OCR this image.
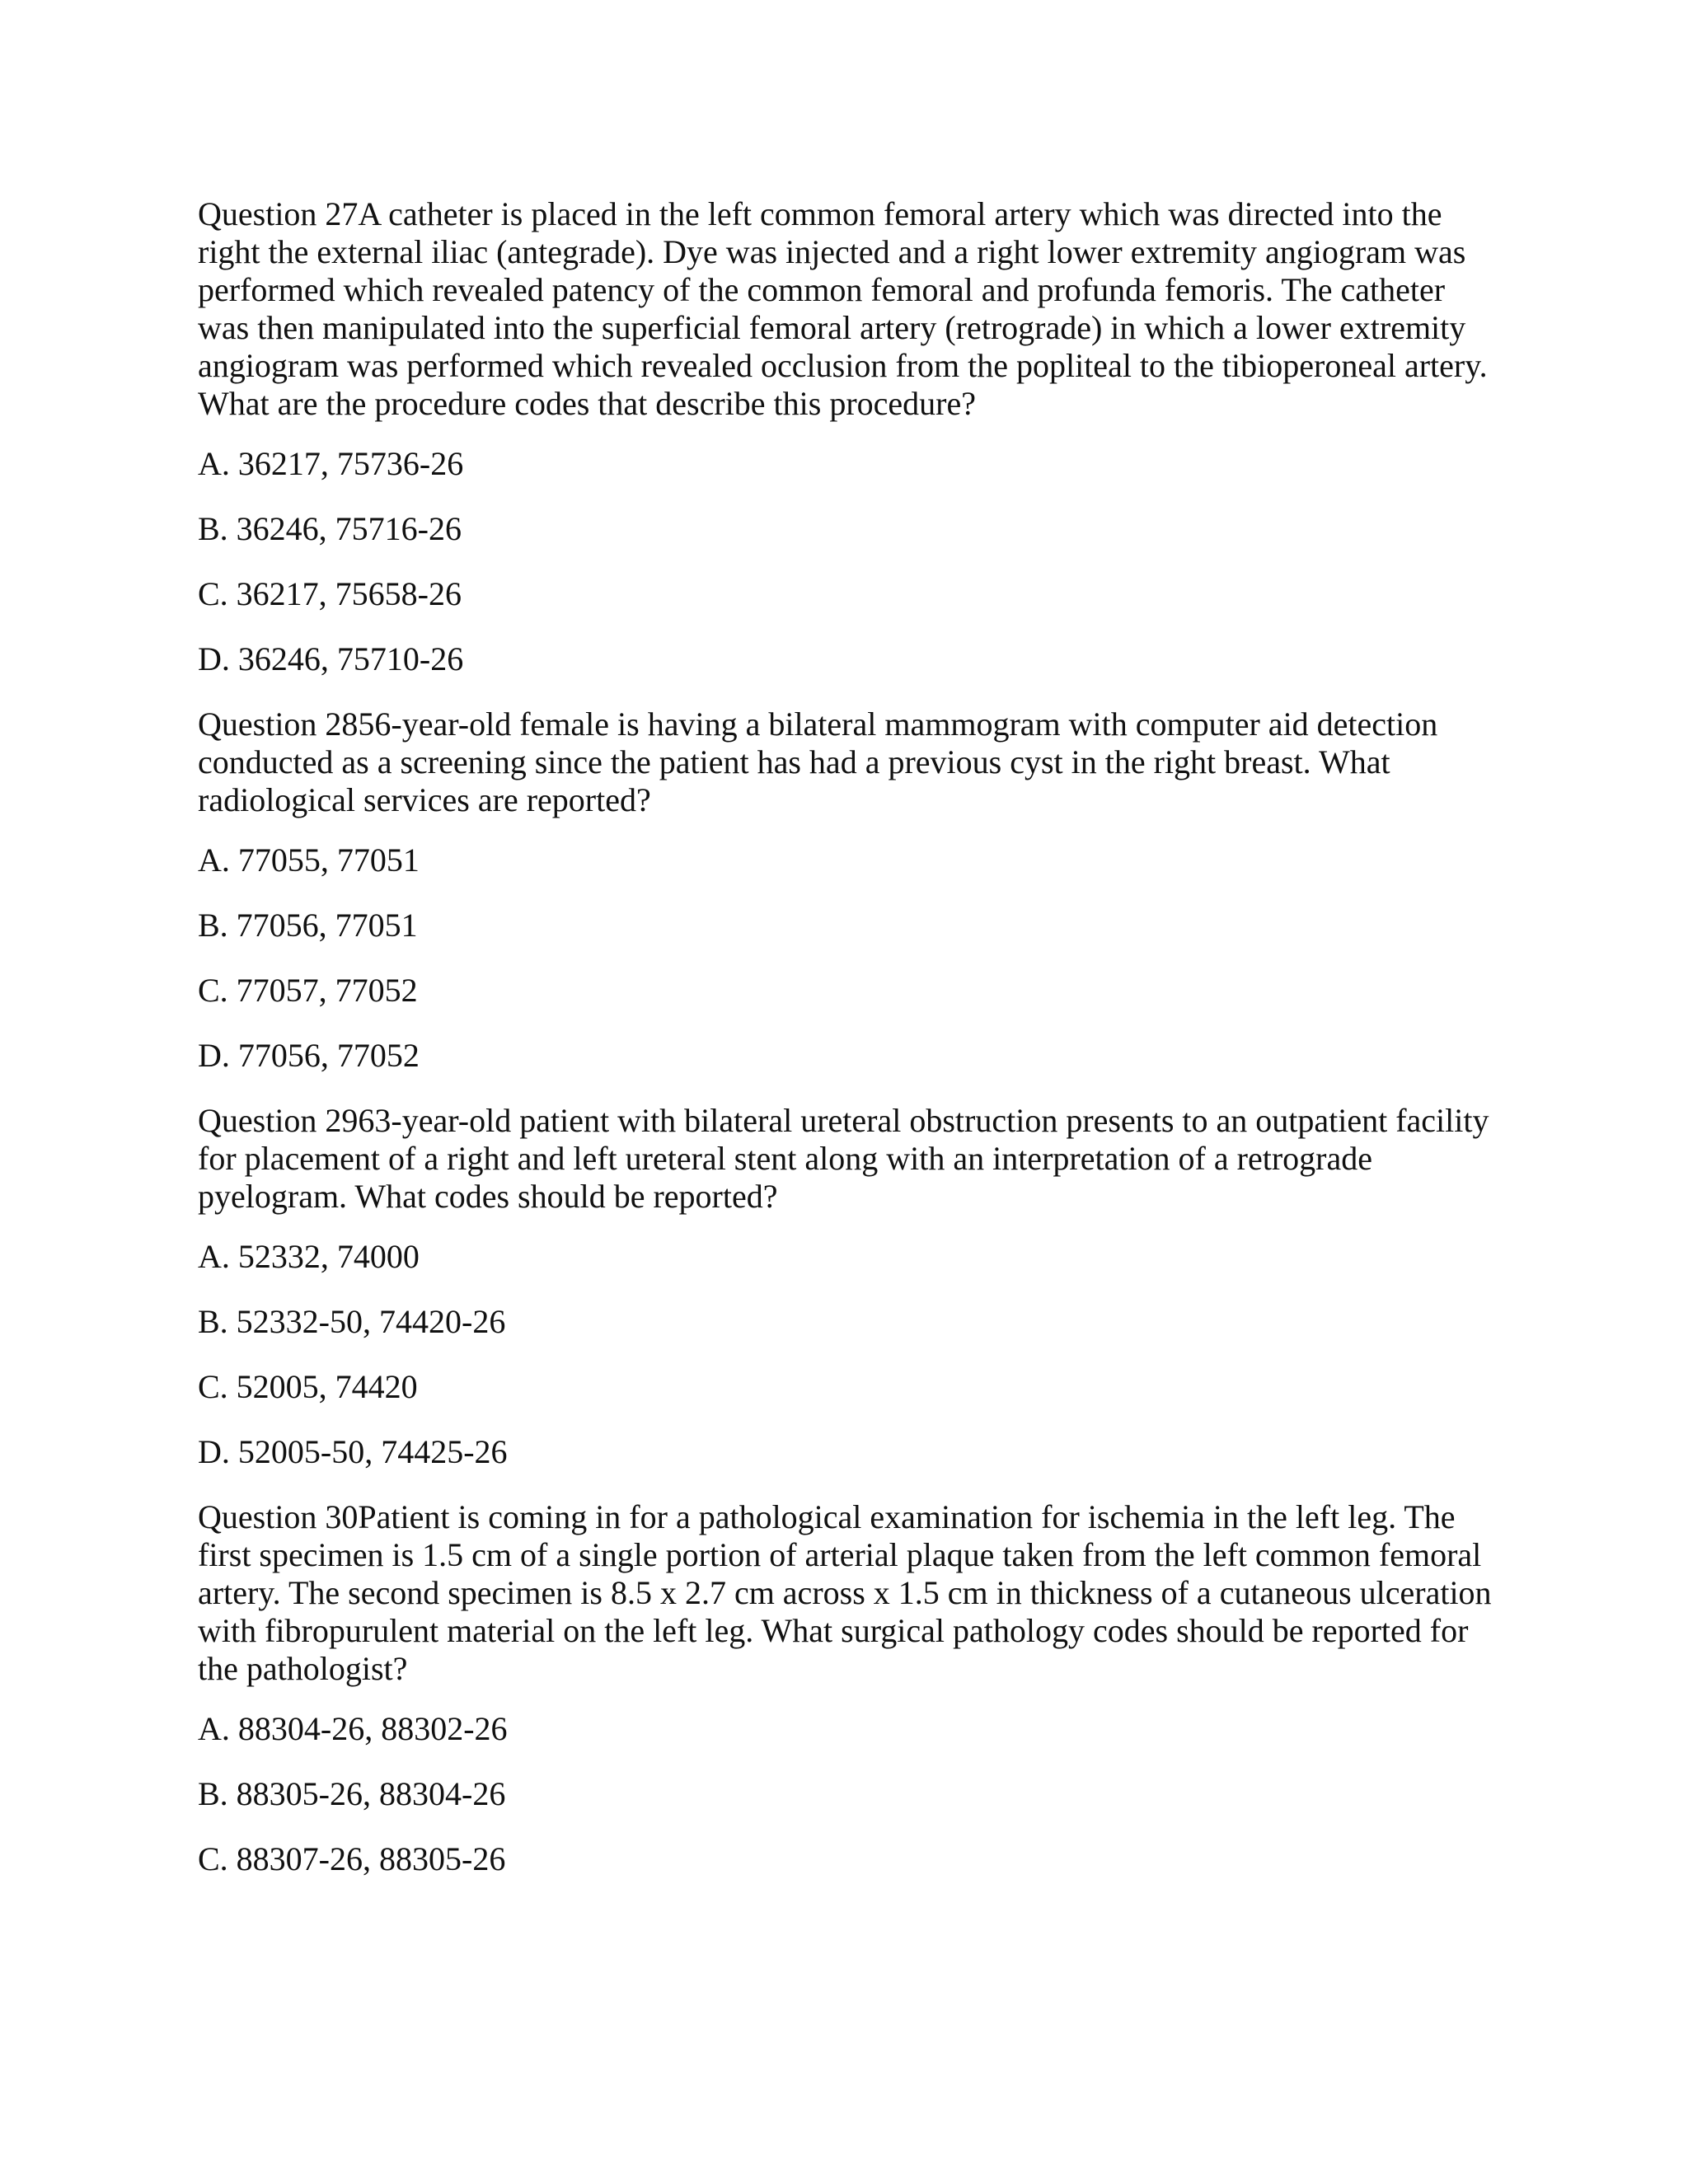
Question 27A catheter is placed in the left common femoral artery which was directed into the right the external iliac (antegrade). Dye was injected and a right lower extremity angiogram was performed which revealed patency of the common femoral and profunda femoris. The catheter was then manipulated into the superficial femoral artery (retrograde) in which a lower extremity angiogram was performed which revealed occlusion from the popliteal to the tibioperoneal artery. What are the procedure codes that describe this procedure?

A. 36217, 75736-26
B. 36246, 75716-26
C. 36217, 75658-26
D. 36246, 75710-26

Question 2856-year-old female is having a bilateral mammogram with computer aid detection conducted as a screening since the patient has had a previous cyst in the right breast. What radiological services are reported?

A. 77055, 77051
B. 77056, 77051
C. 77057, 77052
D. 77056, 77052

Question 2963-year-old patient with bilateral ureteral obstruction presents to an outpatient facility for placement of a right and left ureteral stent along with an interpretation of a retrograde pyelogram. What codes should be reported?

A. 52332, 74000
B. 52332-50, 74420-26
C. 52005, 74420
D. 52005-50, 74425-26

Question 30Patient is coming in for a pathological examination for ischemia in the left leg. The first specimen is 1.5 cm of a single portion of arterial plaque taken from the left common femoral artery. The second specimen is 8.5 x 2.7 cm across x 1.5 cm in thickness of a cutaneous ulceration with fibropurulent material on the left leg. What surgical pathology codes should be reported for the pathologist?

A. 88304-26, 88302-26
B. 88305-26, 88304-26
C. 88307-26, 88305-26
